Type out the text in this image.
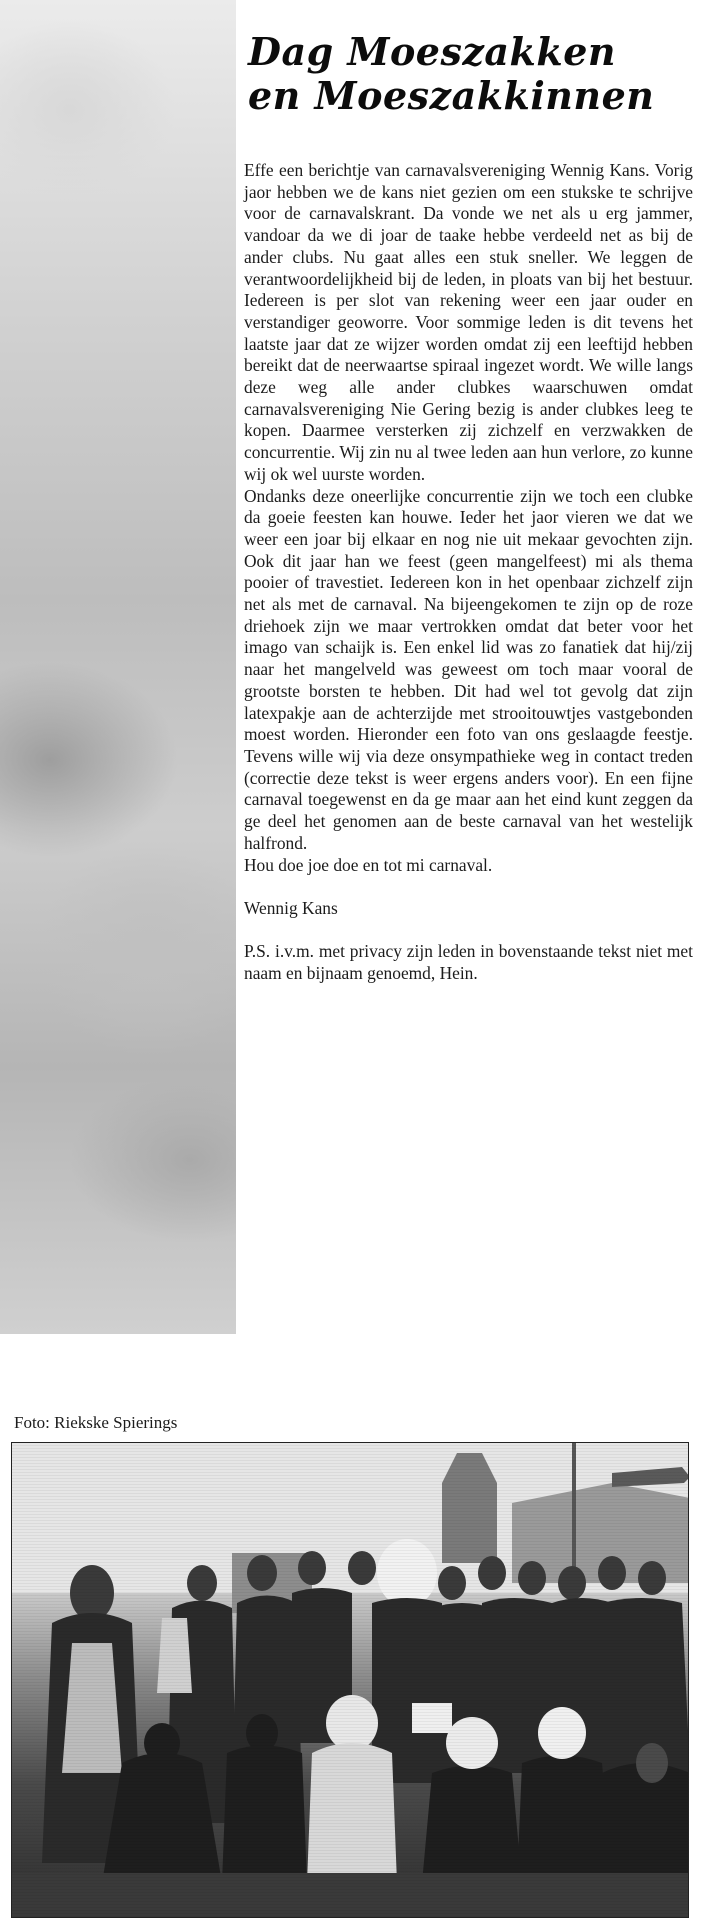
Dag Moeszakken
en Moeszakkinnen

Effe een berichtje van carnavalsvereniging Wennig Kans. Vorig jaor hebben we de kans niet gezien om een stukske te schrijve voor de carnavalskrant. Da vonde we net als u erg jammer, vandoar da we di joar de taake hebbe verdeeld net as bij de ander clubs. Nu gaat alles een stuk sneller. We leggen de verantwoordelijkheid bij de leden, in ploats van bij het bestuur. Iedereen is per slot van rekening weer een jaar ouder en verstandiger geoworre. Voor sommige leden is dit tevens het laatste jaar dat ze wijzer worden omdat zij een leeftijd hebben bereikt dat de neerwaartse spiraal ingezet wordt. We wille langs deze weg alle ander clubkes waarschuwen omdat carnavalsvereniging Nie Gering bezig is ander clubkes leeg te kopen. Daarmee versterken zij zichzelf en verzwakken de concurrentie. Wij zin nu al twee leden aan hun verlore, zo kunne wij ok wel uurste worden.

Ondanks deze oneerlijke concurrentie zijn we toch een clubke da goeie feesten kan houwe. Ieder het jaor vieren we dat we weer een joar bij elkaar en nog nie uit mekaar gevochten zijn. Ook dit jaar han we feest (geen mangelfeest) mi als thema pooier of travestiet. Iedereen kon in het openbaar zichzelf zijn net als met de carnaval. Na bijeengekomen te zijn op de roze driehoek zijn we maar vertrokken omdat dat beter voor het imago van schaijk is. Een enkel lid was zo fanatiek dat hij/zij naar het mangelveld was geweest om toch maar vooral de grootste borsten te hebben. Dit had wel tot gevolg dat zijn latexpakje aan de achterzijde met strooitouwtjes vastgebonden moest worden. Hieronder een foto van ons geslaagde feestje. Tevens wille wij via deze onsympathieke weg in contact treden (correctie deze tekst is weer ergens anders voor). En een fijne carnaval toegewenst en da ge maar aan het eind kunt zeggen da ge deel het genomen aan de beste carnaval van het westelijk halfrond.

Hou doe joe doe en tot mi carnaval.

Wennig Kans

P.S. i.v.m. met privacy zijn leden in bovenstaande tekst niet met naam en bijnaam genoemd, Hein.

Foto: Riekske Spierings
